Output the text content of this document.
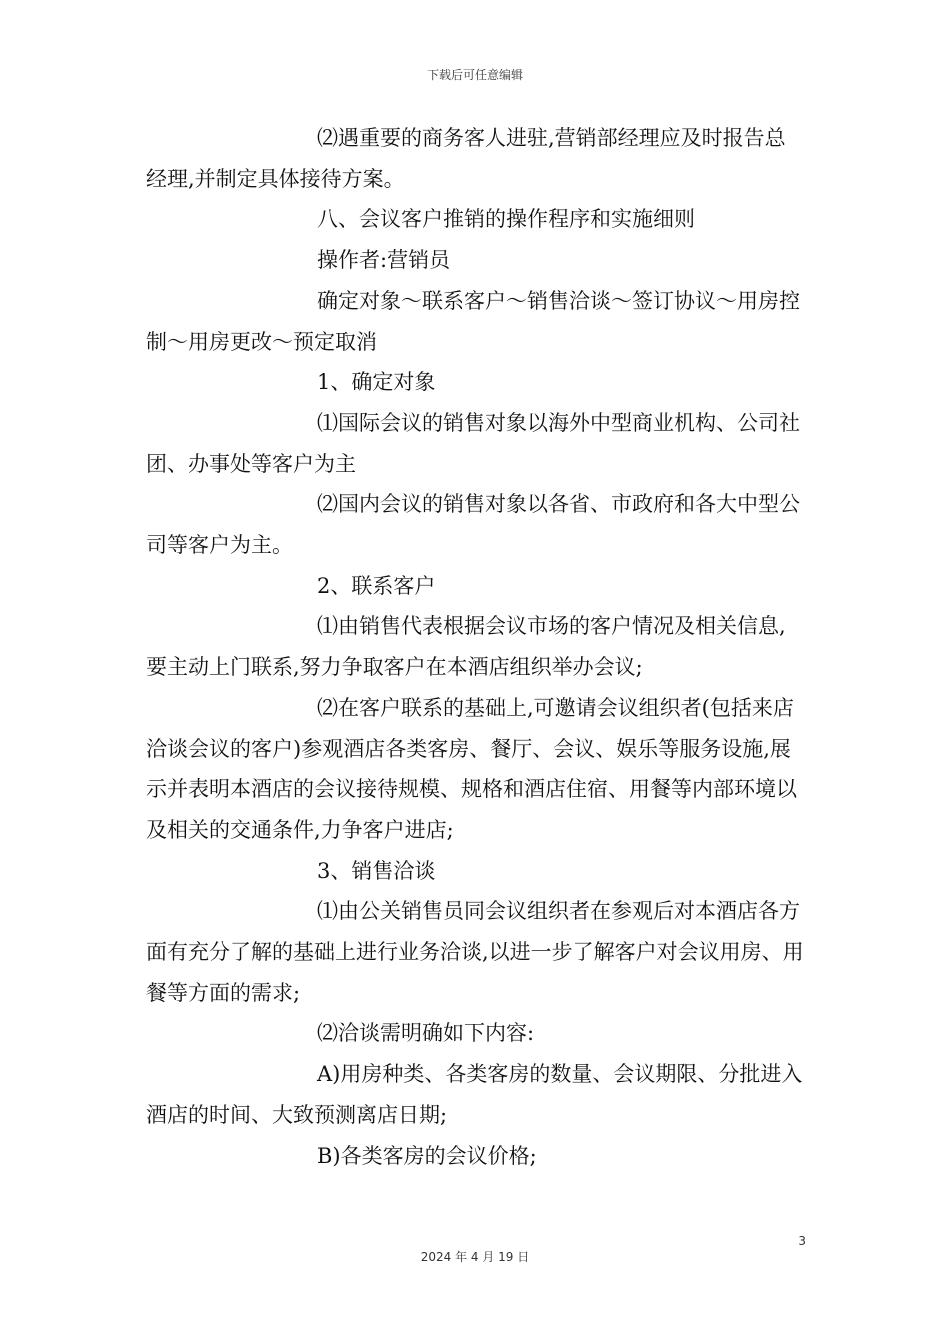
下载后可任意编辑

⑵遇重要的商务客人进驻,营销部经理应及时报告总经理,并制定具体接待方案。

八、会议客户推销的操作程序和实施细则

操作者:营销员

确定对象～联系客户～销售洽谈～签订协议～用房控制～用房更改～预定取消

1、确定对象

⑴国际会议的销售对象以海外中型商业机构、公司社团、办事处等客户为主

⑵国内会议的销售对象以各省、市政府和各大中型公司等客户为主。

2、联系客户

⑴由销售代表根据会议市场的客户情况及相关信息,要主动上门联系,努力争取客户在本酒店组织举办会议;

⑵在客户联系的基础上,可邀请会议组织者(包括来店洽谈会议的客户)参观酒店各类客房、餐厅、会议、娱乐等服务设施,展示并表明本酒店的会议接待规模、规格和酒店住宿、用餐等内部环境以及相关的交通条件,力争客户进店;

3、销售洽谈

⑴由公关销售员同会议组织者在参观后对本酒店各方面有充分了解的基础上进行业务洽谈,以进一步了解客户对会议用房、用餐等方面的需求;

⑵洽谈需明确如下内容:

A)用房种类、各类客房的数量、会议期限、分批进入酒店的时间、大致预测离店日期;

B)各类客房的会议价格;

3
2024 年 4 月 19 日
